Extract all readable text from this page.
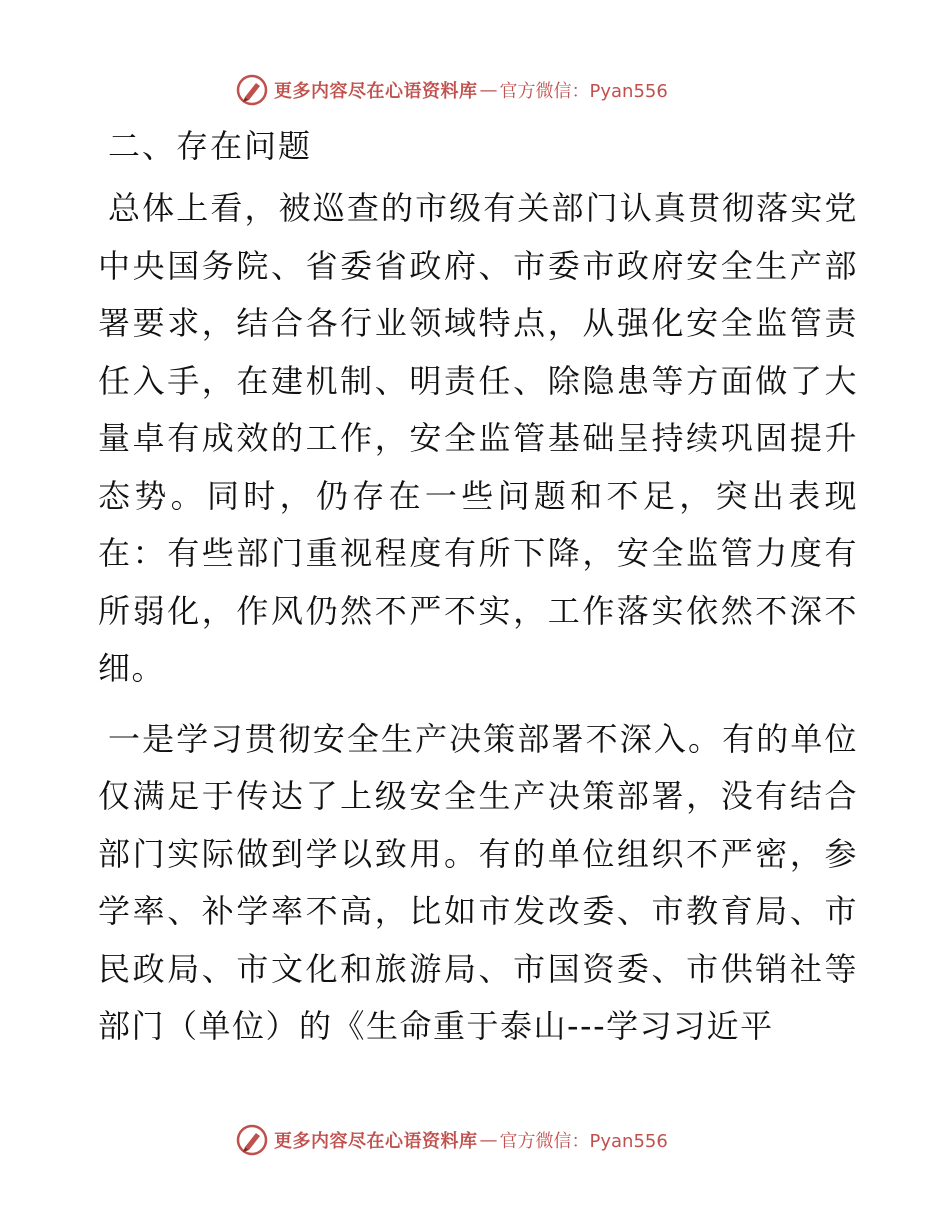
更多内容尽在心语资料库 — 官方微信：Pyan556
二、存在问题

总体上看，被巡查的市级有关部门认真贯彻落实党中央国务院、省委省政府、市委市政府安全生产部署要求，结合各行业领域特点，从强化安全监管责任入手，在建机制、明责任、除隐患等方面做了大量卓有成效的工作，安全监管基础呈持续巩固提升态势。同时，仍存在一些问题和不足，突出表现在：有些部门重视程度有所下降，安全监管力度有所弱化，作风仍然不严不实，工作落实依然不深不细。

一是学习贯彻安全生产决策部署不深入。有的单位仅满足于传达了上级安全生产决策部署，没有结合部门实际做到学以致用。有的单位组织不严密，参学率、补学率不高，比如市发改委、市教育局、市民政局、市文化和旅游局、市国资委、市供销社等部门（单位）的《生命重于泰山---学习习近平

更多内容尽在心语资料库 — 官方微信：Pyan556
